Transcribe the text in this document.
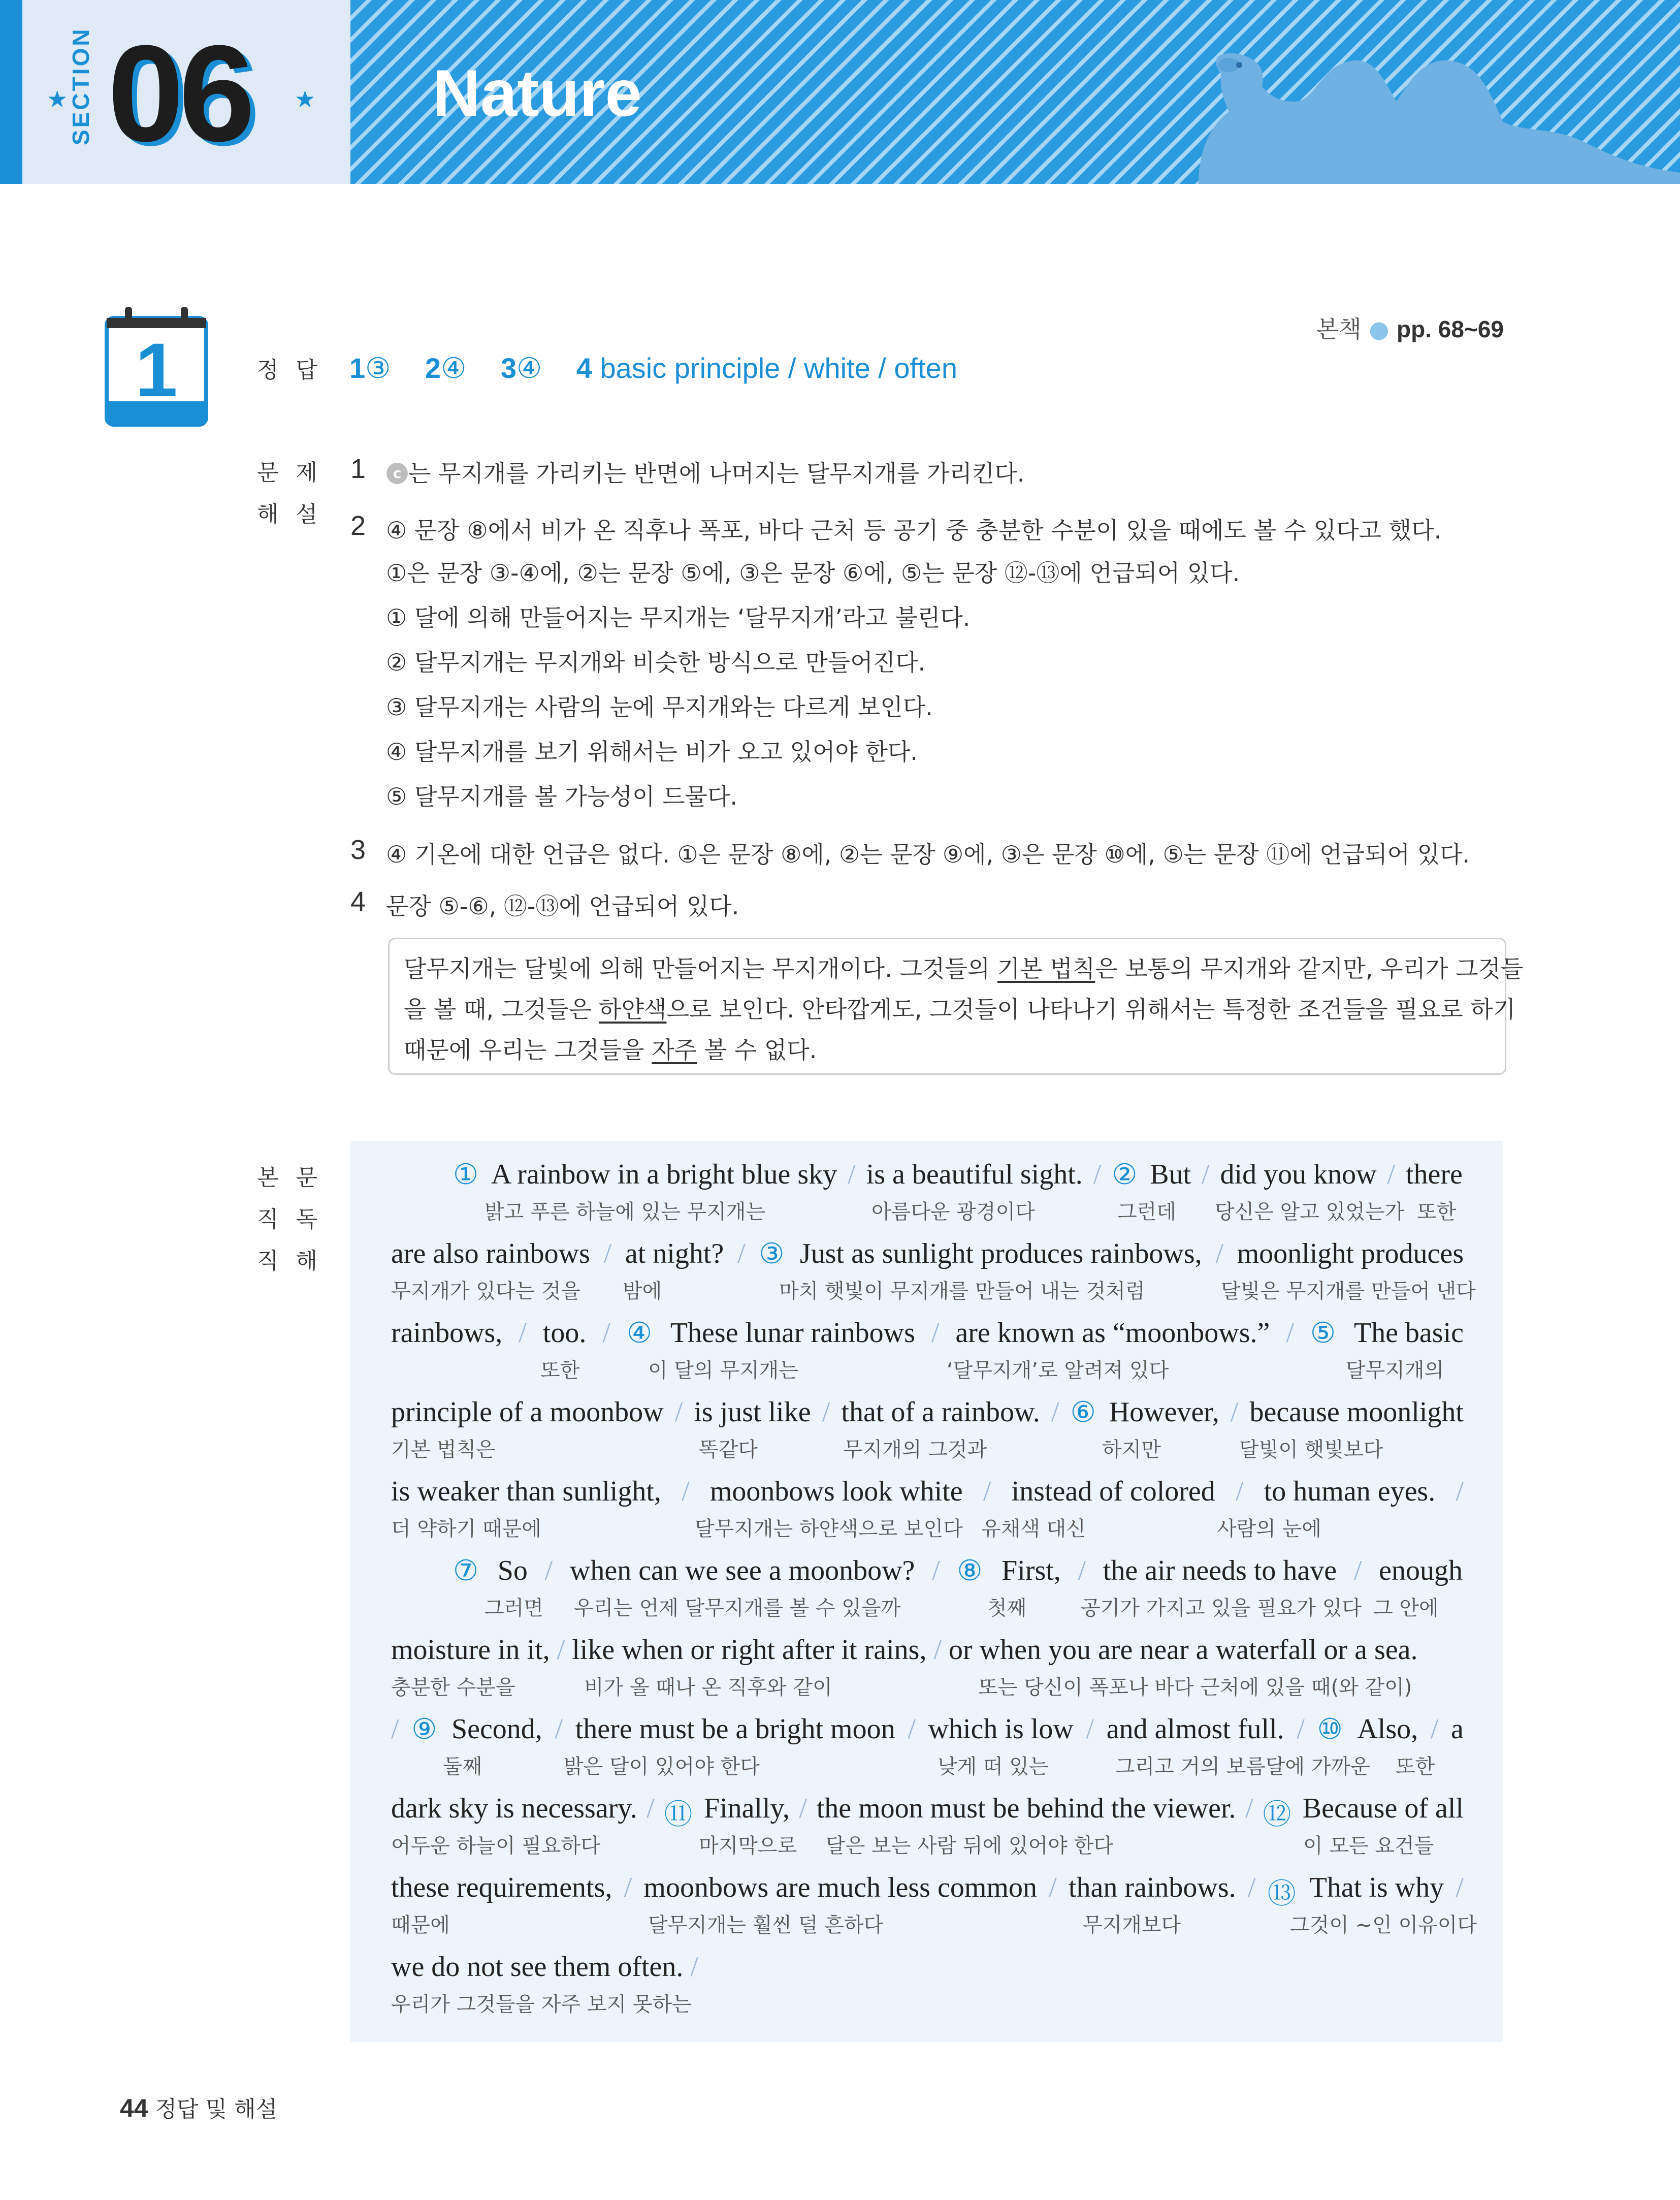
SECTION
★	★
06	Nature
1	본책 ● pp. 68~69
정답
문제해설
본문직독직해
1③ 2④ 3④ 4 basic principle / white / often
1 c 는 무지개를 가리키는 반면에 나머지는 달무지개를 가리킨다.
2 ④ 문장 ⑧에서 비가 온 직후나 폭포, 바다 근처 등 공기 중 충분한 수분이 있을 때에도 볼 수 있다고 했다.
①은 문장 ③-④에, ②는 문장 ⑤에, ③은 문장 ⑥에, ⑤는 문장 ⑫-⑬에 언급되어 있다.
① 달에 의해 만들어지는 무지개는 ‘달무지개’라고 불린다.
② 달무지개는 무지개와 비슷한 방식으로 만들어진다.
③ 달무지개는 사람의 눈에 무지개와는 다르게 보인다.
④ 달무지개를 보기 위해서는 비가 오고 있어야 한다.
⑤ 달무지개를 볼 가능성이 드물다.
3 ④ 기온에 대한 언급은 없다. ①은 문장 ⑧에, ②는 문장 ⑨에, ③은 문장 ⑩에, ⑤는 문장 ⑪에 언급되어 있다.
4 문장 ⑤-⑥, ⑫-⑬에 언급되어 있다.
달무지개는 달빛에 의해 만들어지는 무지개이다. 그것들의 기본 법칙은 보통의 무지개와 같지만, 우리가 그것들
을 볼 때, 그것들은 하얀색으로 보인다. 안타깝게도, 그것들이 나타나기 위해서는 특정한 조건들을 필요로 하기
때문에 우리는 그것들을 자주 볼 수 없다.
① A rainbow in a bright blue sky / is a beautiful sight. / ② But / did you know / there
are also rainbows / at night? / ③ Just as sunlight produces rainbows, / moonlight produces
rainbows, / too. / ④ These lunar rainbows / are known as “moonbows.” / ⑤ The basic
principle of a moonbow / is just like / that of a rainbow. / ⑥ However, / because moonlight
is weaker than sunlight, / moonbows look white / instead of colored / to human eyes. /
⑦ So / when can we see a moonbow? / ⑧ First, / the air needs to have / enough
moisture in it, / like when or right after it rains, / or when you are near a waterfall or a sea.
/ ⑨ Second, / there must be a bright moon / which is low / and almost full. / ⑩ Also, / a
dark sky is necessary. / ⑪ Finally, / the moon must be behind the viewer. / ⑫ Because of all
these requirements, / moonbows are much less common / than rainbows. / ⑬ That is why /
we do not see them often. /
밝고 푸른 하늘에 있는 무지개는	아름다운 광경이다	그런데 당신은 알고 있었는가 또한
무지개가 있다는 것을 밤에	마치 햇빛이 무지개를 만들어 내는 것처럼	달빛은 무지개를 만들어 낸다
또한	이 달의 무지개는	‘달무지개’로 알려져 있다	달무지개의
기본 법칙은	똑같다	무지개의 그것과	하지만	달빛이 햇빛보다
더 약하기 때문에	달무지개는 하얀색으로 보인다 유채색 대신	사람의 눈에
그러면 우리는 언제 달무지개를 볼 수 있을까	첫째	공기가 가지고 있을 필요가 있다 그 안에
충분한 수분을	비가 올 때나 온 직후와 같이	또는 당신이 폭포나 바다 근처에 있을 때(와 같이)
둘째	밝은 달이 있어야 한다	낮게 떠 있는	그리고 거의 보름달에 가까운 또한
어두운 하늘이 필요하다	마지막으로 달은 보는 사람 뒤에 있어야 한다	이 모든 요건들
때문에	달무지개는 훨씬 덜 흔하다	무지개보다	그것이 ~인 이유이다
우리가 그것들을 자주 보지 못하는
44 정답 및 해설
